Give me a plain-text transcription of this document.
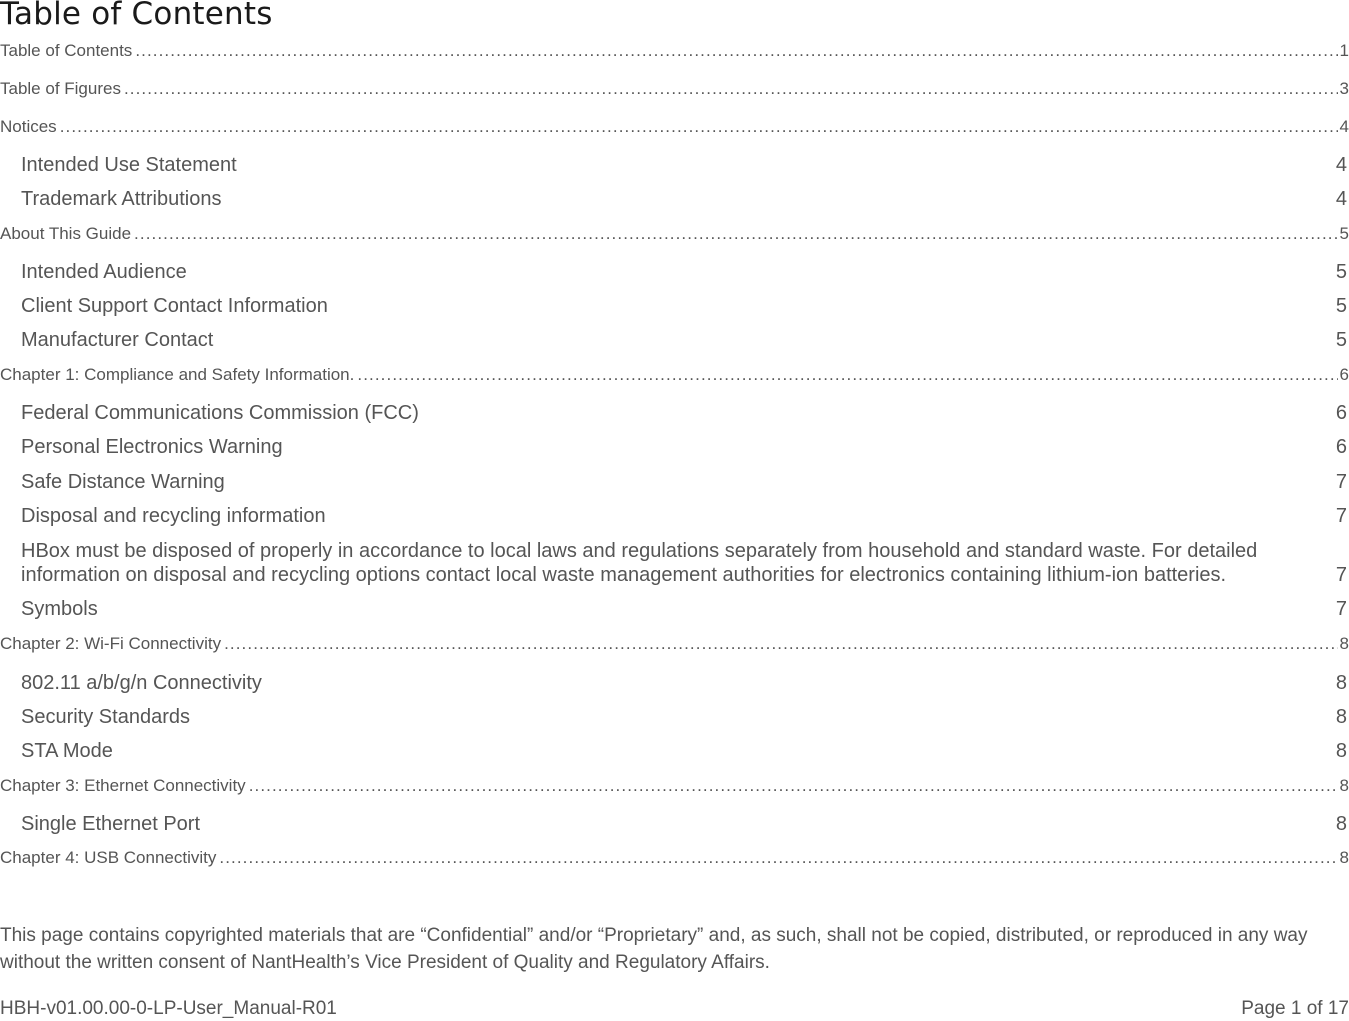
Table of Contents
Table of Contents .....	1
Table of Figures .....	3
Notices .....	4
Intended Use Statement	4
Trademark Attributions	4
About This Guide .....	5
Intended Audience	5
Client Support Contact Information	5
Manufacturer Contact	5
Chapter 1: Compliance and Safety Information. .....	6
Federal Communications Commission (FCC)	6
Personal Electronics Warning	6
Safe Distance Warning	7
Disposal and recycling information	7
HBox must be disposed of properly in accordance to local laws and regulations separately from household and standard waste. For detailed information on disposal and recycling options contact local waste management authorities for electronics containing lithium-ion batteries.	7
Symbols	7
Chapter 2: Wi-Fi Connectivity .....	8
802.11 a/b/g/n Connectivity	8
Security Standards	8
STA Mode	8
Chapter 3: Ethernet Connectivity .....	8
Single Ethernet Port	8
Chapter 4: USB Connectivity .....	8
This page contains copyrighted materials that are “Confidential” and/or “Proprietary” and, as such, shall not be copied, distributed, or reproduced in any way without the written consent of NantHealth’s Vice President of Quality and Regulatory Affairs.
HBH-v01.00.00-0-LP-User_Manual-R01	Page 1 of 17
